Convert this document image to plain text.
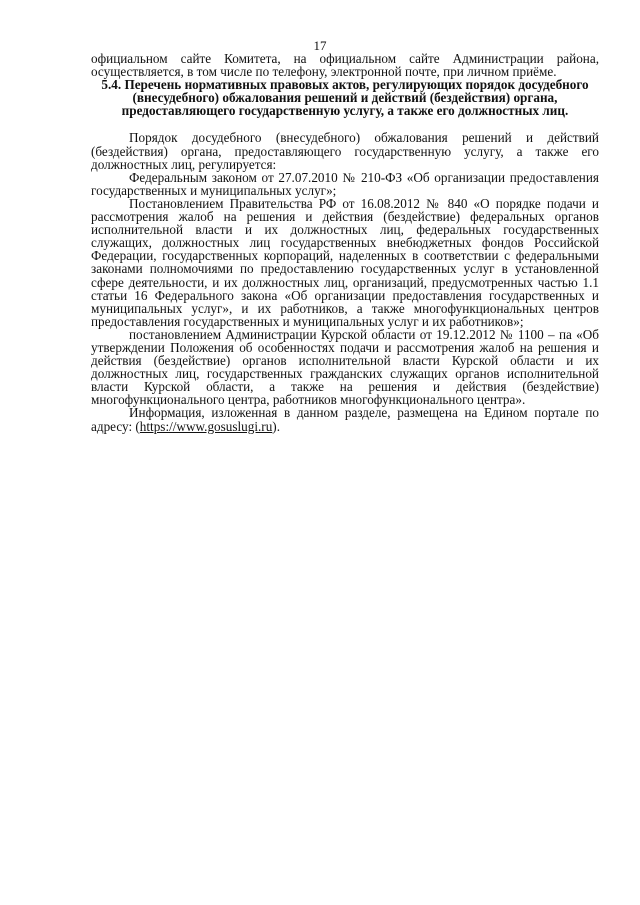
17

официальном сайте Комитета, на официальном сайте Администрации района, осуществляется, в том числе по телефону, электронной почте, при личном приёме.

5.4. Перечень нормативных правовых актов, регулирующих порядок досудебного (внесудебного) обжалования решений и действий (бездействия) органа, предоставляющего государственную услугу, а также его должностных лиц.

Порядок досудебного (внесудебного) обжалования решений и действий (бездействия) органа, предоставляющего государственную услугу, а также его должностных лиц, регулируется:

Федеральным законом от 27.07.2010 № 210-ФЗ «Об организации предоставления государственных и муниципальных услуг»;

Постановлением Правительства РФ от 16.08.2012 № 840 «О порядке подачи и рассмотрения жалоб на решения и действия (бездействие) федеральных органов исполнительной власти и их должностных лиц, федеральных государственных служащих, должностных лиц государственных внебюджетных фондов Российской Федерации, государственных корпораций, наделенных в соответствии с федеральными законами полномочиями по предоставлению государственных услуг в установленной сфере деятельности, и их должностных лиц, организаций, предусмотренных частью 1.1 статьи 16 Федерального закона «Об организации предоставления государственных и муниципальных услуг», и их работников, а также многофункциональных центров предоставления государственных и муниципальных услуг и их работников»;

постановлением Администрации Курской области от 19.12.2012 № 1100 – па «Об утверждении Положения об особенностях подачи и рассмотрения жалоб на решения и действия (бездействие) органов исполнительной власти Курской области и их должностных лиц, государственных гражданских служащих органов исполнительной власти Курской области, а также на решения и действия (бездействие) многофункционального центра, работников многофункционального центра».

Информация, изложенная в данном разделе, размещена на Едином портале по адресу: (https://www.gosuslugi.ru).
